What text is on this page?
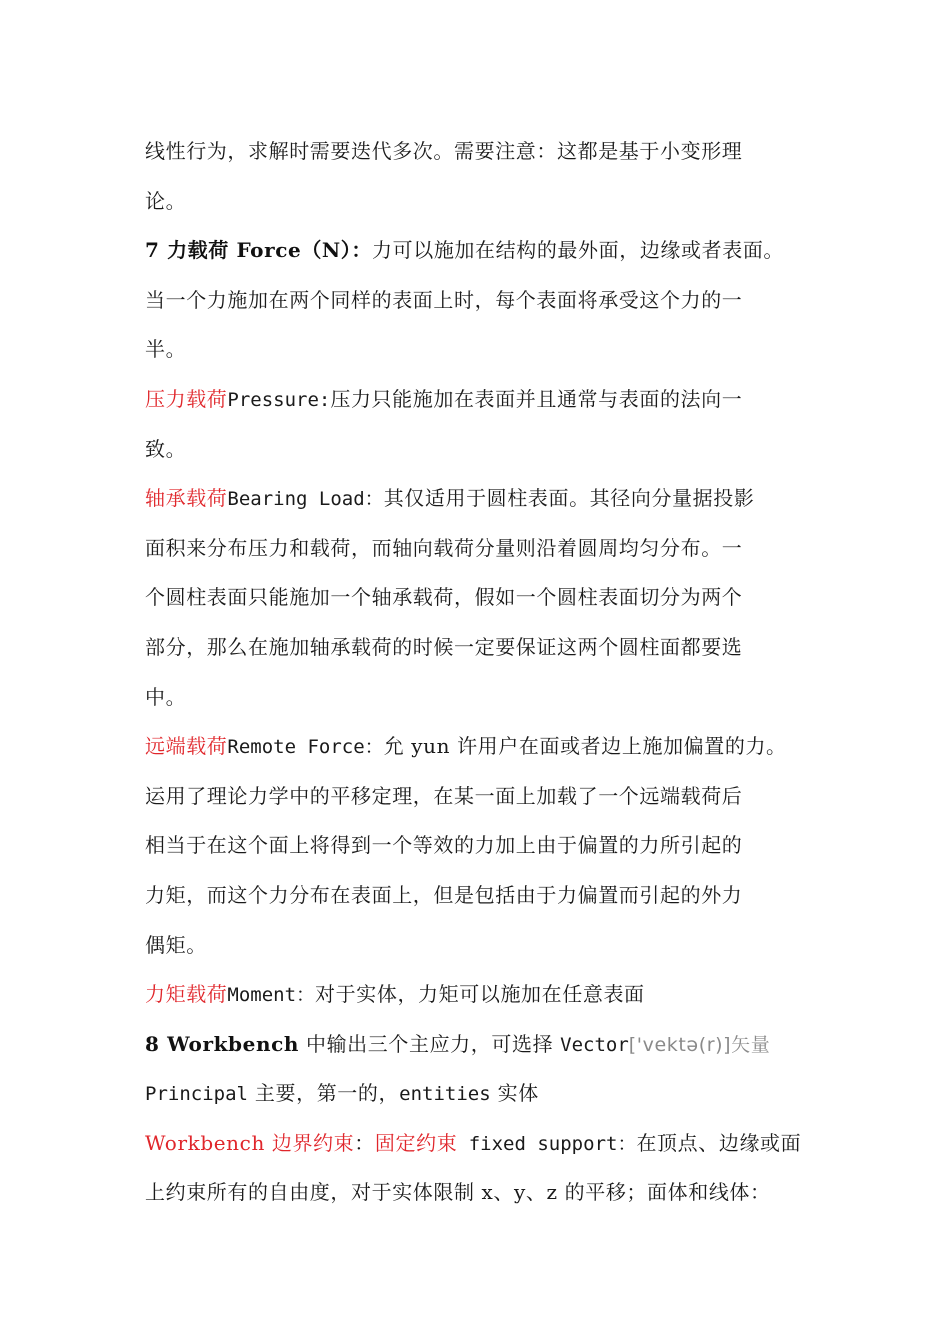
线性行为，求解时需要迭代多次。需要注意：这都是基于小变形理
论。
7 力载荷 Force（N）：力可以施加在结构的最外面，边缘或者表面。
当一个力施加在两个同样的表面上时，每个表面将承受这个力的一
半。
压力载荷Pressure:压力只能施加在表面并且通常与表面的法向一
致。
轴承载荷Bearing Load：其仅适用于圆柱表面。其径向分量据投影
面积来分布压力和载荷，而轴向载荷分量则沿着圆周均匀分布。一
个圆柱表面只能施加一个轴承载荷，假如一个圆柱表面切分为两个
部分，那么在施加轴承载荷的时候一定要保证这两个圆柱面都要选
中。
远端载荷Remote Force：允 yun 许用户在面或者边上施加偏置的力。
运用了理论力学中的平移定理，在某一面上加载了一个远端载荷后
相当于在这个面上将得到一个等效的力加上由于偏置的力所引起的
力矩，而这个力分布在表面上，但是包括由于力偏置而引起的外力
偶矩。
力矩载荷Moment：对于实体，力矩可以施加在任意表面
8 Workbench 中输出三个主应力，可选择 Vector['vektə(r)]矢量
Principal 主要，第一的，entities 实体
Workbench 边界约束：固定约束 fixed support：在顶点、边缘或面
上约束所有的自由度，对于实体限制 x、y、z 的平移；面体和线体：
